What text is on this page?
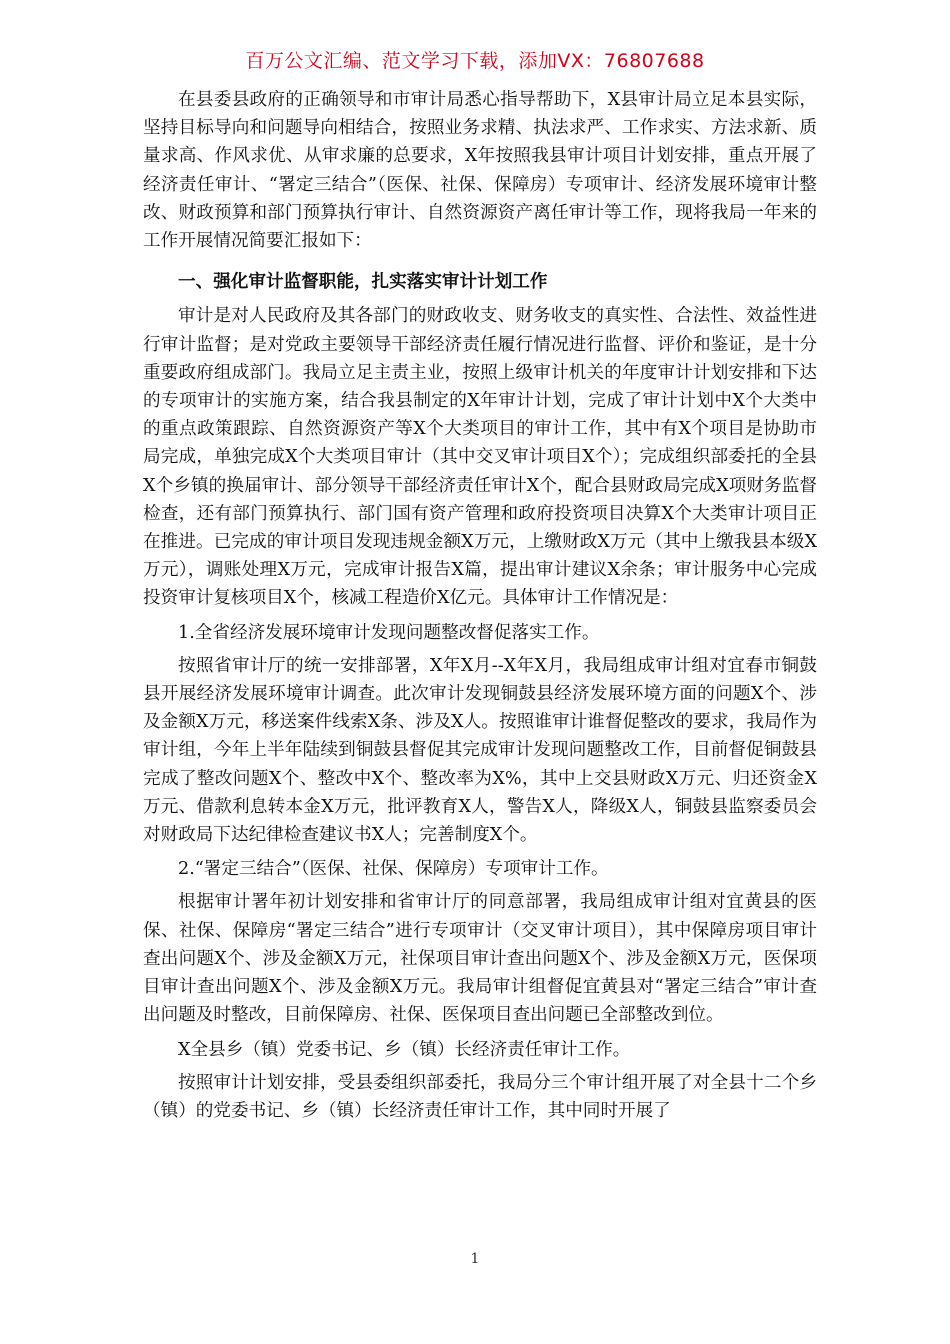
百万公文汇编、范文学习下载，添加VX：76807688

在县委县政府的正确领导和市审计局悉心指导帮助下，X县审计局立足本县实际，坚持目标导向和问题导向相结合，按照业务求精、执法求严、工作求实、方法求新、质量求高、作风求优、从审求廉的总要求，X年按照我县审计项目计划安排，重点开展了经济责任审计、“署定三结合”（医保、社保、保障房）专项审计、经济发展环境审计整改、财政预算和部门预算执行审计、自然资源资产离任审计等工作，现将我局一年来的工作开展情况简要汇报如下：

一、强化审计监督职能，扎实落实审计计划工作

审计是对人民政府及其各部门的财政收支、财务收支的真实性、合法性、效益性进行审计监督；是对党政主要领导干部经济责任履行情况进行监督、评价和鉴证，是十分重要政府组成部门。我局立足主责主业，按照上级审计机关的年度审计计划安排和下达的专项审计的实施方案，结合我县制定的X年审计计划，完成了审计计划中X个大类中的重点政策跟踪、自然资源资产等X个大类项目的审计工作，其中有X个项目是协助市局完成，单独完成X个大类项目审计（其中交叉审计项目X个）；完成组织部委托的全县X个乡镇的换届审计、部分领导干部经济责任审计X个，配合县财政局完成X项财务监督检查，还有部门预算执行、部门国有资产管理和政府投资项目决算X个大类审计项目正在推进。已完成的审计项目发现违规金额X万元，上缴财政X万元（其中上缴我县本级X万元），调账处理X万元，完成审计报告X篇，提出审计建议X余条；审计服务中心完成投资审计复核项目X个，核减工程造价X亿元。具体审计工作情况是：

1.全省经济发展环境审计发现问题整改督促落实工作。

按照省审计厅的统一安排部署，X年X月--X年X月，我局组成审计组对宜春市铜鼓县开展经济发展环境审计调查。此次审计发现铜鼓县经济发展环境方面的问题X个、涉及金额X万元，移送案件线索X条、涉及X人。按照谁审计谁督促整改的要求，我局作为审计组，今年上半年陆续到铜鼓县督促其完成审计发现问题整改工作，目前督促铜鼓县完成了整改问题X个、整改中X个、整改率为X%，其中上交县财政X万元、归还资金X万元、借款利息转本金X万元，批评教育X人，警告X人，降级X人，铜鼓县监察委员会对财政局下达纪律检查建议书X人；完善制度X个。

2.“署定三结合”（医保、社保、保障房）专项审计工作。

根据审计署年初计划安排和省审计厅的同意部署，我局组成审计组对宜黄县的医保、社保、保障房“署定三结合”进行专项审计（交叉审计项目），其中保障房项目审计查出问题X个、涉及金额X万元，社保项目审计查出问题X个、涉及金额X万元，医保项目审计查出问题X个、涉及金额X万元。我局审计组督促宜黄县对“署定三结合”审计查出问题及时整改，目前保障房、社保、医保项目查出问题已全部整改到位。

X全县乡（镇）党委书记、乡（镇）长经济责任审计工作。

按照审计计划安排，受县委组织部委托，我局分三个审计组开展了对全县十二个乡（镇）的党委书记、乡（镇）长经济责任审计工作，其中同时开展了

1
